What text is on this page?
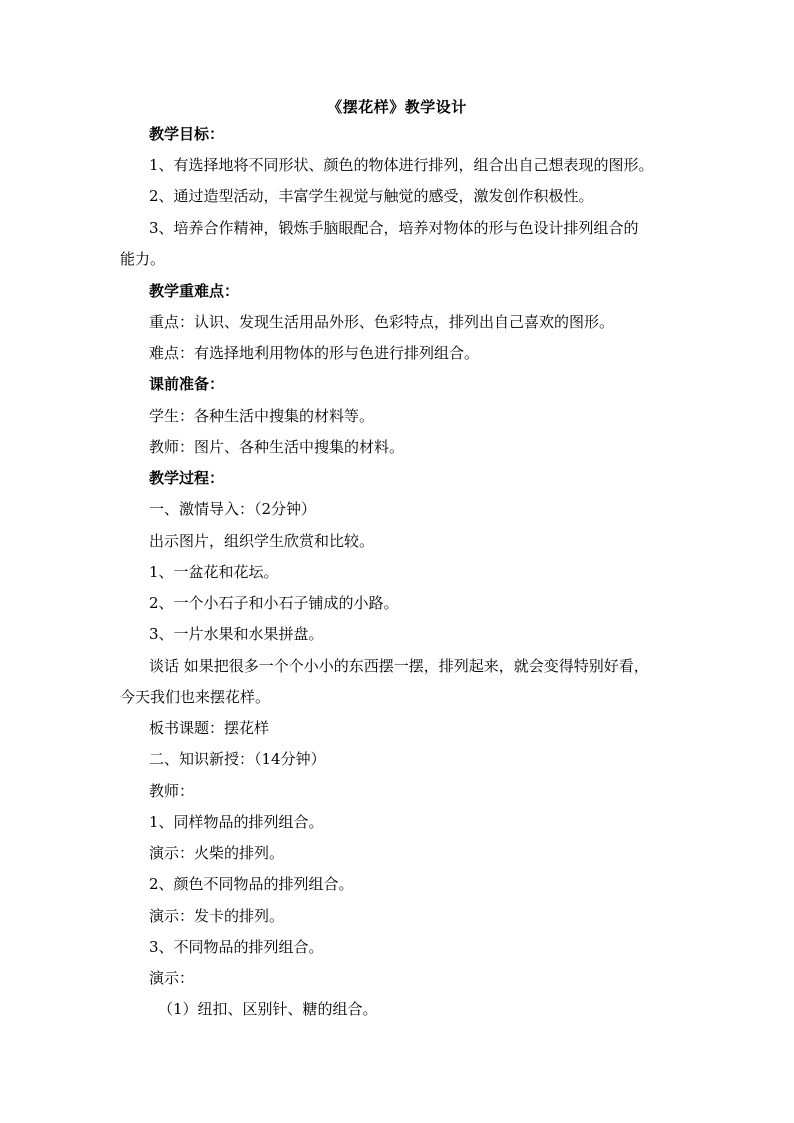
《摆花样》教学设计
教学目标：
1、有选择地将不同形状、颜色的物体进行排列，组合出自己想表现的图形。
2、通过造型活动，丰富学生视觉与触觉的感受，激发创作积极性。
3、培养合作精神，锻炼手脑眼配合，培养对物体的形与色设计排列组合的
能力。
教学重难点：
重点：认识、发现生活用品外形、色彩特点，排列出自己喜欢的图形。
难点：有选择地利用物体的形与色进行排列组合。
课前准备：
学生：各种生活中搜集的材料等。
教师：图片、各种生活中搜集的材料。
教学过程：
一、激情导入：（2分钟）
出示图片，组织学生欣赏和比较。
1、一盆花和花坛。
2、一个小石子和小石子铺成的小路。
3、一片水果和水果拼盘。
谈话 如果把很多一个个小小的东西摆一摆，排列起来，就会变得特别好看，
今天我们也来摆花样。
板书课题：摆花样
二、知识新授：（14分钟）
教师：
1、同样物品的排列组合。
演示：火柴的排列。
2、颜色不同物品的排列组合。
演示：发卡的排列。
3、不同物品的排列组合。
演示：
（1）纽扣、区别针、糖的组合。
